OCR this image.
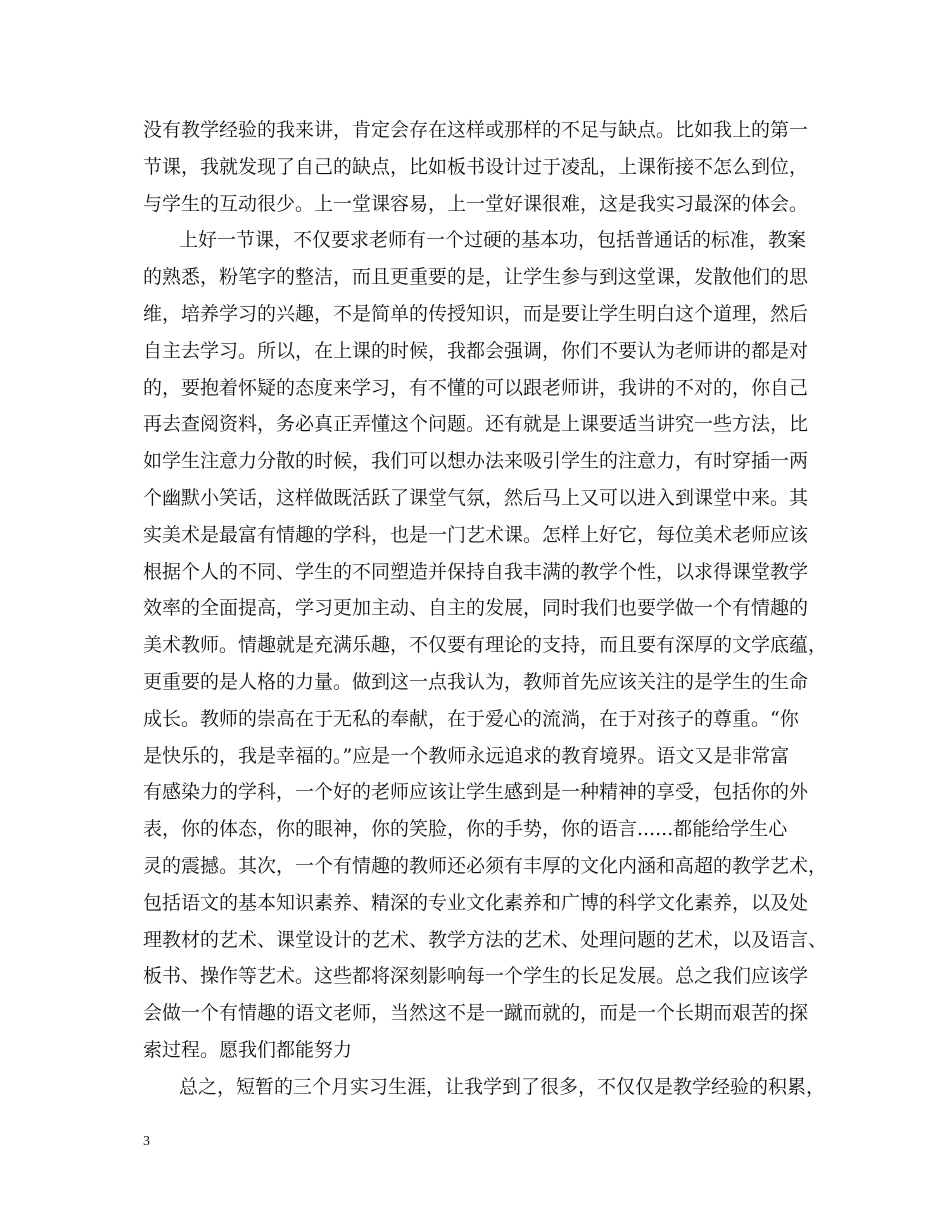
没有教学经验的我来讲，肯定会存在这样或那样的不足与缺点。比如我上的第一
节课，我就发现了自己的缺点，比如板书设计过于凌乱，上课衔接不怎么到位，
与学生的互动很少。上一堂课容易，上一堂好课很难，这是我实习最深的体会。
上好一节课，不仅要求老师有一个过硬的基本功，包括普通话的标准，教案
的熟悉，粉笔字的整洁，而且更重要的是，让学生参与到这堂课，发散他们的思
维，培养学习的兴趣，不是简单的传授知识，而是要让学生明白这个道理，然后
自主去学习。所以，在上课的时候，我都会强调，你们不要认为老师讲的都是对
的，要抱着怀疑的态度来学习，有不懂的可以跟老师讲，我讲的不对的，你自己
再去查阅资料，务必真正弄懂这个问题。还有就是上课要适当讲究一些方法，比
如学生注意力分散的时候，我们可以想办法来吸引学生的注意力，有时穿插一两
个幽默小笑话，这样做既活跃了课堂气氛，然后马上又可以进入到课堂中来。其
实美术是最富有情趣的学科，也是一门艺术课。怎样上好它，每位美术老师应该
根据个人的不同、学生的不同塑造并保持自我丰满的教学个性，以求得课堂教学
效率的全面提高，学习更加主动、自主的发展，同时我们也要学做一个有情趣的
美术教师。情趣就是充满乐趣，不仅要有理论的支持，而且要有深厚的文学底蕴，
更重要的是人格的力量。做到这一点我认为，教师首先应该关注的是学生的生命
成长。教师的崇高在于无私的奉献，在于爱心的流淌，在于对孩子的尊重。“你
是快乐的，我是幸福的。”应是一个教师永远追求的教育境界。语文又是非常富
有感染力的学科，一个好的老师应该让学生感到是一种精神的享受，包括你的外
表，你的体态，你的眼神，你的笑脸，你的手势，你的语言......都能给学生心
灵的震撼。其次，一个有情趣的教师还必须有丰厚的文化内涵和高超的教学艺术，
包括语文的基本知识素养、精深的专业文化素养和广博的科学文化素养，以及处
理教材的艺术、课堂设计的艺术、教学方法的艺术、处理问题的艺术，以及语言、
板书、操作等艺术。这些都将深刻影响每一个学生的长足发展。总之我们应该学
会做一个有情趣的语文老师，当然这不是一蹴而就的，而是一个长期而艰苦的探
索过程。愿我们都能努力
总之，短暂的三个月实习生涯，让我学到了很多，不仅仅是教学经验的积累，
3
